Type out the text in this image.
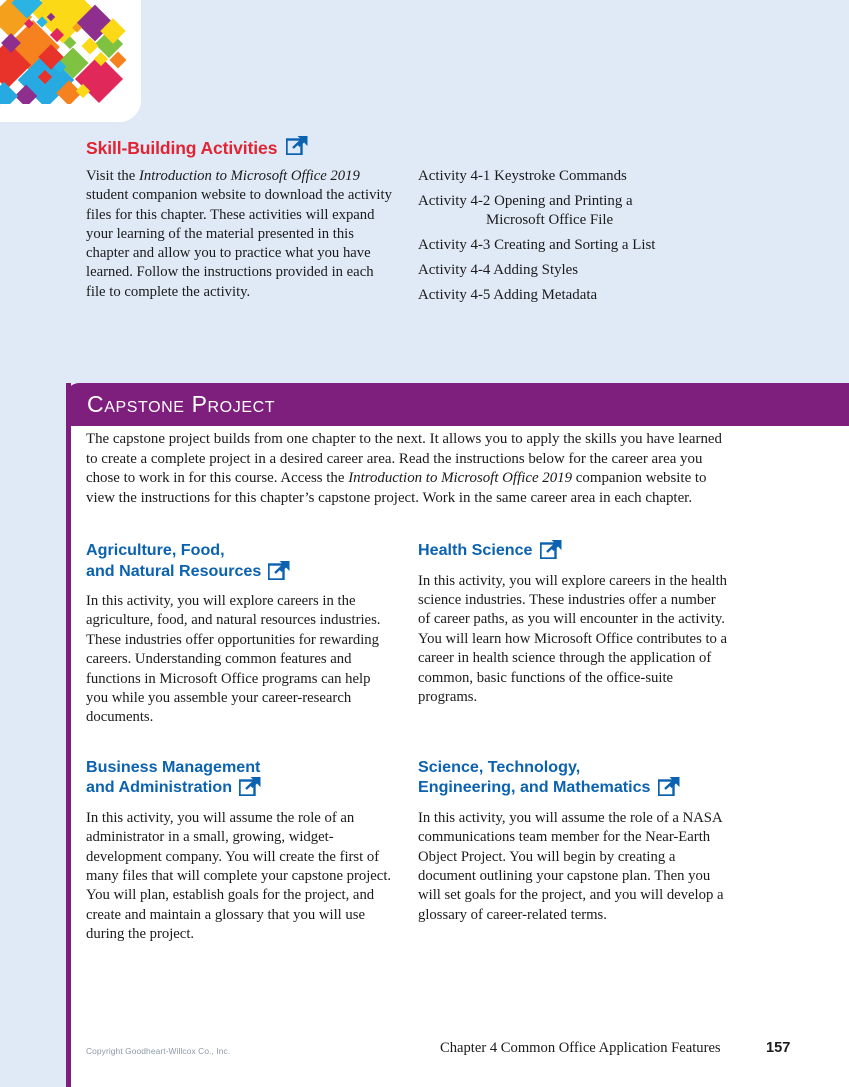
Skill-Building Activities

Visit the Introduction to Microsoft Office 2019 student companion website to download the activity files for this chapter. These activities will expand your learning of the material presented in this chapter and allow you to practice what you have learned. Follow the instructions provided in each file to complete the activity.

Activity 4-1 Keystroke Commands
Activity 4-2 Opening and Printing a
Microsoft Office File
Activity 4-3 Creating and Sorting a List
Activity 4-4 Adding Styles
Activity 4-5 Adding Metadata
Capstone Project

The capstone project builds from one chapter to the next. It allows you to apply the skills you have learned to create a complete project in a desired career area. Read the instructions below for the career area you chose to work in for this course. Access the Introduction to Microsoft Office 2019 companion website to view the instructions for this chapter’s capstone project. Work in the same career area in each chapter.

Agriculture, Food,
and Natural Resources

In this activity, you will explore careers in the agriculture, food, and natural resources industries. These industries offer opportunities for rewarding careers. Understanding common features and functions in Microsoft Office programs can help you while you assemble your career-research documents.

Health Science

In this activity, you will explore careers in the health science industries. These industries offer a number of career paths, as you will encounter in the activity. You will learn how Microsoft Office contributes to a career in health science through the application of common, basic functions of the office-suite programs.

Business Management
and Administration

In this activity, you will assume the role of an administrator in a small, growing, widget-development company. You will create the first of many files that will complete your capstone project. You will plan, establish goals for the project, and create and maintain a glossary that you will use during the project.

Science, Technology,
Engineering, and Mathematics

In this activity, you will assume the role of a NASA communications team member for the Near-Earth Object Project. You will begin by creating a document outlining your capstone plan. Then you will set goals for the project, and you will develop a glossary of career-related terms.

Copyright Goodheart-Willcox Co., Inc.	Chapter 4 Common Office Application Features	157
